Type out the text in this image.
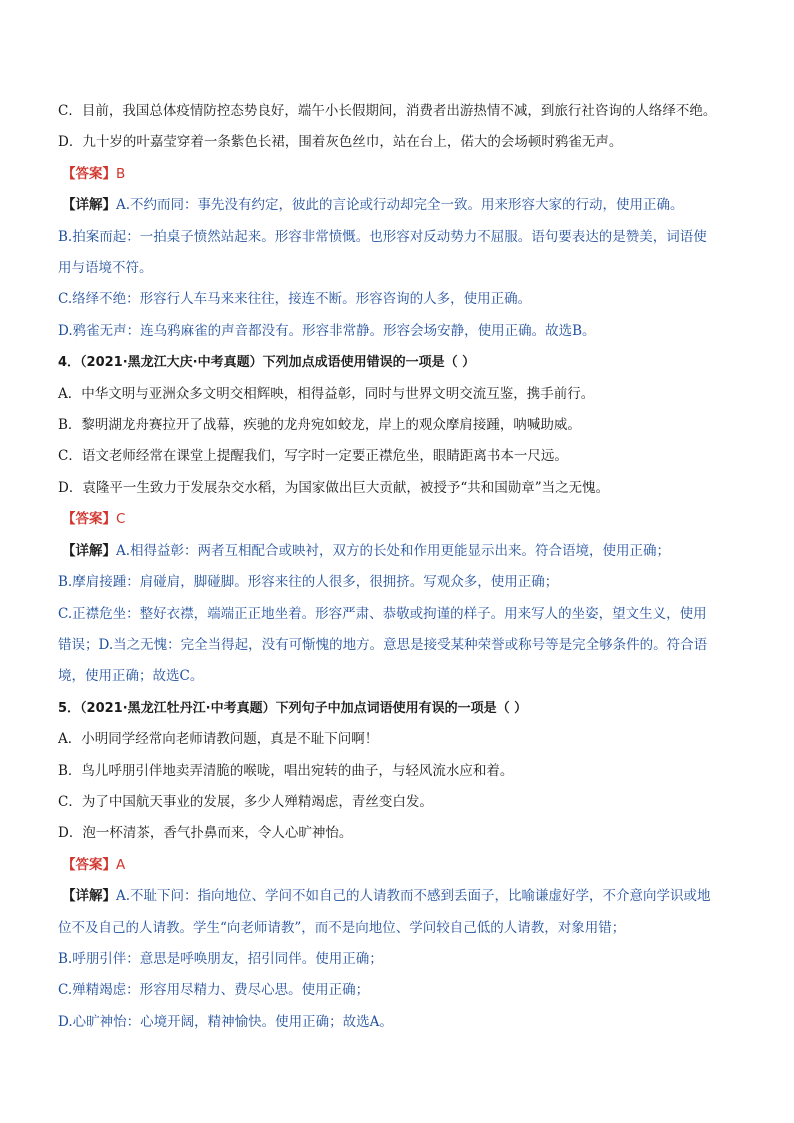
C．目前，我国总体疫情防控态势良好，端午小长假期间，消费者出游热情不减，到旅行社咨询的人络绎不绝。
D．九十岁的叶嘉莹穿着一条紫色长裙，围着灰色丝巾，站在台上，偌大的会场顿时鸦雀无声。
【答案】B
【详解】A.不约而同：事先没有约定，彼此的言论或行动却完全一致。用来形容大家的行动，使用正确。
B.拍案而起：一拍桌子愤然站起来。形容非常愤慨。也形容对反动势力不屈服。语句要表达的是赞美，词语使
用与语境不符。
C.络绎不绝：形容行人车马来来往往，接连不断。形容咨询的人多，使用正确。
D.鸦雀无声：连乌鸦麻雀的声音都没有。形容非常静。形容会场安静，使用正确。故选B。
4．（2021·黑龙江大庆·中考真题）下列加点成语使用错误的一项是（ ）
A．中华文明与亚洲众多文明交相辉映，相得益彰，同时与世界文明交流互鉴，携手前行。
B．黎明湖龙舟赛拉开了战幕，疾驰的龙舟宛如蛟龙，岸上的观众摩肩接踵，呐喊助威。
C．语文老师经常在课堂上提醒我们，写字时一定要正襟危坐，眼睛距离书本一尺远。
D．袁隆平一生致力于发展杂交水稻，为国家做出巨大贡献，被授予“共和国勋章”当之无愧。
【答案】C
【详解】A.相得益彰：两者互相配合或映衬，双方的长处和作用更能显示出来。符合语境，使用正确；
B.摩肩接踵：肩碰肩，脚碰脚。形容来往的人很多，很拥挤。写观众多，使用正确；
C.正襟危坐：整好衣襟，端端正正地坐着。形容严肃、恭敬或拘谨的样子。用来写人的坐姿，望文生义，使用
错误；D.当之无愧：完全当得起，没有可惭愧的地方。意思是接受某种荣誉或称号等是完全够条件的。符合语
境，使用正确；故选C。
5．（2021·黑龙江牡丹江·中考真题）下列句子中加点词语使用有误的一项是（ ）
A．小明同学经常向老师请教问题，真是不耻下问啊！
B．鸟儿呼朋引伴地卖弄清脆的喉咙，唱出宛转的曲子，与轻风流水应和着。
C．为了中国航天事业的发展，多少人殚精竭虑，青丝变白发。
D．泡一杯清茶，香气扑鼻而来，令人心旷神怡。
【答案】A
【详解】A.不耻下问：指向地位、学问不如自己的人请教而不感到丢面子，比喻谦虚好学，不介意向学识或地
位不及自己的人请教。学生“向老师请教”，而不是向地位、学问较自己低的人请教，对象用错；
B.呼朋引伴：意思是呼唤朋友，招引同伴。使用正确；
C.殚精竭虑：形容用尽精力、费尽心思。使用正确；
D.心旷神怡：心境开阔，精神愉快。使用正确；故选A。
